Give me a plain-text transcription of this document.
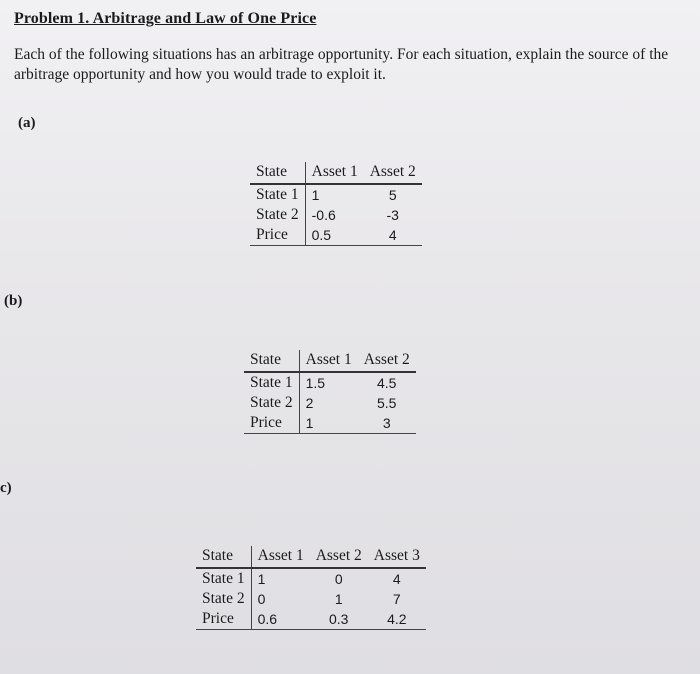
Problem 1. Arbitrage and Law of One Price
Each of the following situations has an arbitrage opportunity. For each situation, explain the source of the arbitrage opportunity and how you would trade to exploit it.
(a)
State	Asset 1	Asset 2
State 1	1	5
State 2	-0.6	-3
Price	0.5	4
(b)
State	Asset 1	Asset 2
State 1	1.5	4.5
State 2	2	5.5
Price	1	3
c)
State	Asset 1	Asset 2	Asset 3
State 1	1	0	4
State 2	0	1	7
Price	0.6	0.3	4.2
